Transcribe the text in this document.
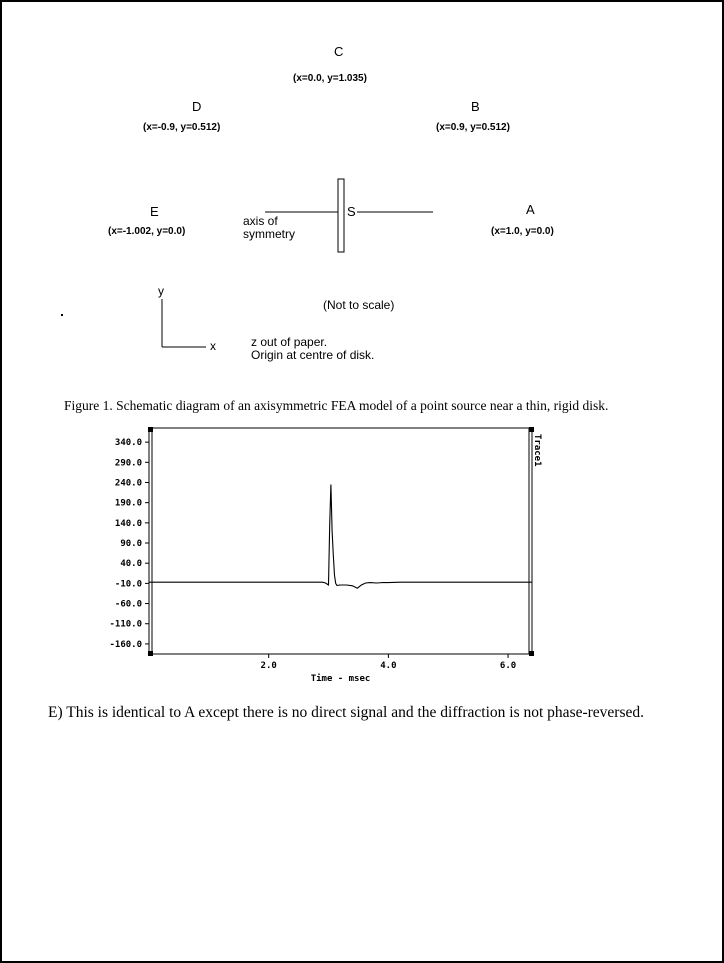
C
(x=0.0, y=1.035)
D
(x=-0.9, y=0.512)
B
(x=0.9, y=0.512)
E
(x=-1.002, y=0.0)
A
(x=1.0, y=0.0)
S
axis of
symmetry
y
x
(Not to scale)
z out of paper.
Origin at centre of disk.
Figure 1. Schematic diagram of an axisymmetric FEA model of a point source near a thin, rigid disk.
340.0
290.0
240.0
190.0
140.0
90.0
40.0
-10.0
-60.0
-110.0
-160.0
2.0	4.0	6.0
Time - msec
Trace1
E) This is identical to A except there is no direct signal and the diffraction is not phase-reversed.
